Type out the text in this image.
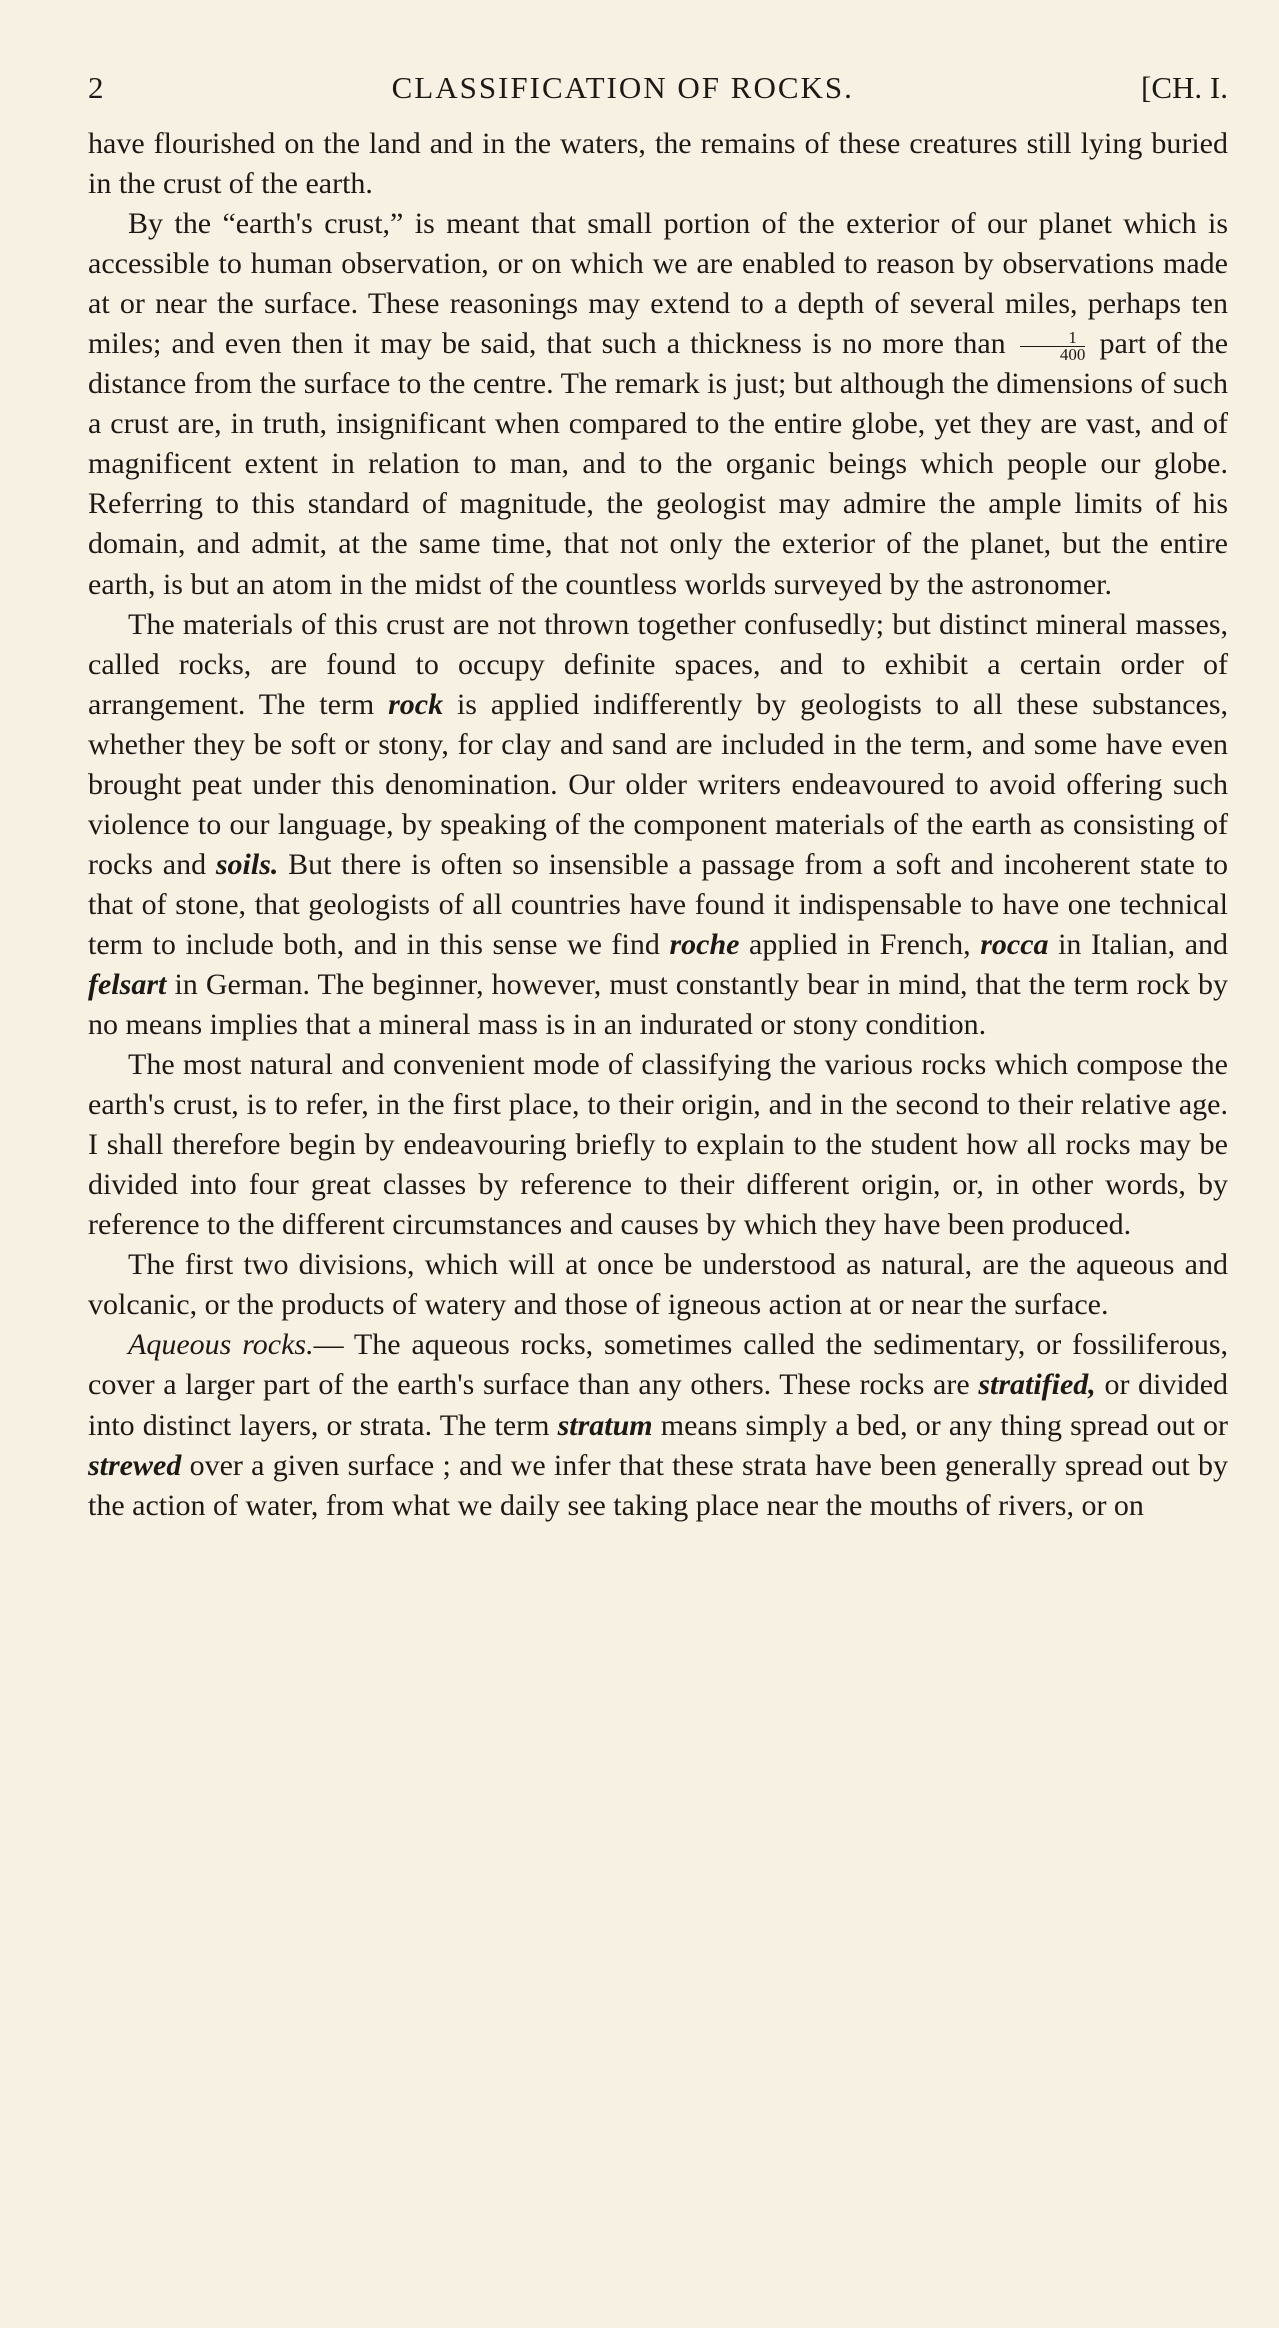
2	CLASSIFICATION OF ROCKS.	[CH. I.

have flourished on the land and in the waters, the remains of these creatures still lying buried in the crust of the earth.

By the “earth's crust,” is meant that small portion of the exterior of our planet which is accessible to human observation, or on which we are enabled to reason by observations made at or near the surface. These reasonings may extend to a depth of several miles, perhaps ten miles; and even then it may be said, that such a thickness is no more than $\frac{1}{400}$ part of the distance from the surface to the centre. The remark is just; but although the dimensions of such a crust are, in truth, insignificant when compared to the entire globe, yet they are vast, and of magnificent extent in relation to man, and to the organic beings which people our globe. Referring to this standard of magnitude, the geologist may admire the ample limits of his domain, and admit, at the same time, that not only the exterior of the planet, but the entire earth, is but an atom in the midst of the countless worlds surveyed by the astronomer.

The materials of this crust are not thrown together confusedly; but distinct mineral masses, called rocks, are found to occupy definite spaces, and to exhibit a certain order of arrangement. The term rock is applied indifferently by geologists to all these substances, whether they be soft or stony, for clay and sand are included in the term, and some have even brought peat under this denomination. Our older writers endeavoured to avoid offering such violence to our language, by speaking of the component materials of the earth as consisting of rocks and soils. But there is often so insensible a passage from a soft and incoherent state to that of stone, that geologists of all countries have found it indispensable to have one technical term to include both, and in this sense we find roche applied in French, rocca in Italian, and felsart in German. The beginner, however, must constantly bear in mind, that the term rock by no means implies that a mineral mass is in an indurated or stony condition.

The most natural and convenient mode of classifying the various rocks which compose the earth's crust, is to refer, in the first place, to their origin, and in the second to their relative age. I shall therefore begin by endeavouring briefly to explain to the student how all rocks may be divided into four great classes by reference to their different origin, or, in other words, by reference to the different circumstances and causes by which they have been produced.

The first two divisions, which will at once be understood as natural, are the aqueous and volcanic, or the products of watery and those of igneous action at or near the surface.

Aqueous rocks.— The aqueous rocks, sometimes called the sedimentary, or fossiliferous, cover a larger part of the earth's surface than any others. These rocks are stratified, or divided into distinct layers, or strata. The term stratum means simply a bed, or any thing spread out or strewed over a given surface ; and we infer that these strata have been generally spread out by the action of water, from what we daily see taking place near the mouths of rivers, or on
